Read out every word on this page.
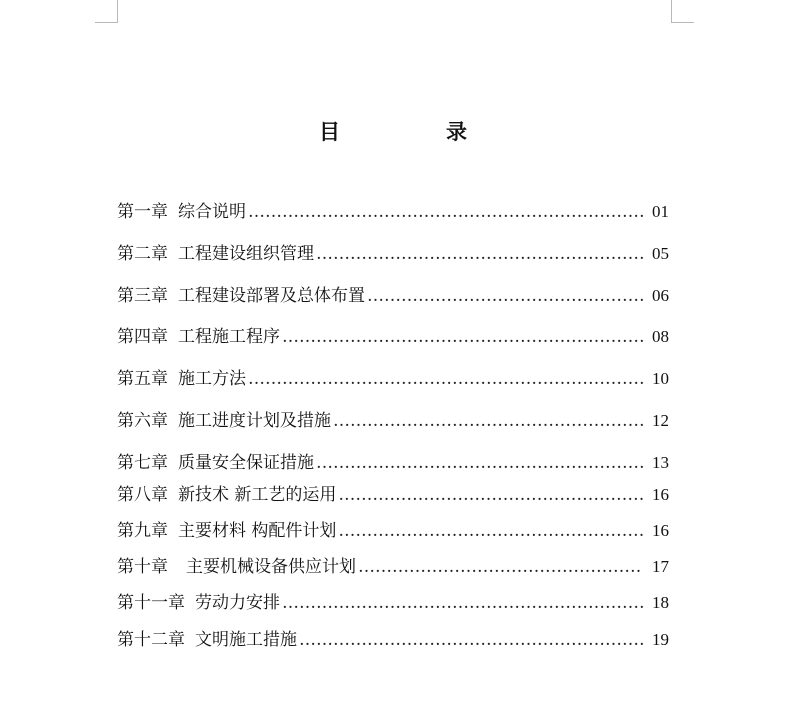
目	录
第一章 综合说明 ……………………………………………………………………………………………………………………………………	01
第二章 工程建设组织管理 ……………………………………………………………………………………………………………………………………	05
第三章 工程建设部署及总体布置 ……………………………………………………………………………………………………………………………………	06
第四章 工程施工程序 ……………………………………………………………………………………………………………………………………	08
第五章 施工方法 ……………………………………………………………………………………………………………………………………	10
第六章 施工进度计划及措施 ……………………………………………………………………………………………………………………………………	12
第七章 质量安全保证措施 ……………………………………………………………………………………………………………………………………	13
第八章 新技术 新工艺的运用 ……………………………………………………………………………………………………………………………………	16
第九章 主要材料 构配件计划 ……………………………………………………………………………………………………………………………………	16
第十章 主要机械设备供应计划 ……………………………………………………………………………………………………………………………………	17
第十一章 劳动力安排 ……………………………………………………………………………………………………………………………………	18
第十二章 文明施工措施 ……………………………………………………………………………………………………………………………………	19
